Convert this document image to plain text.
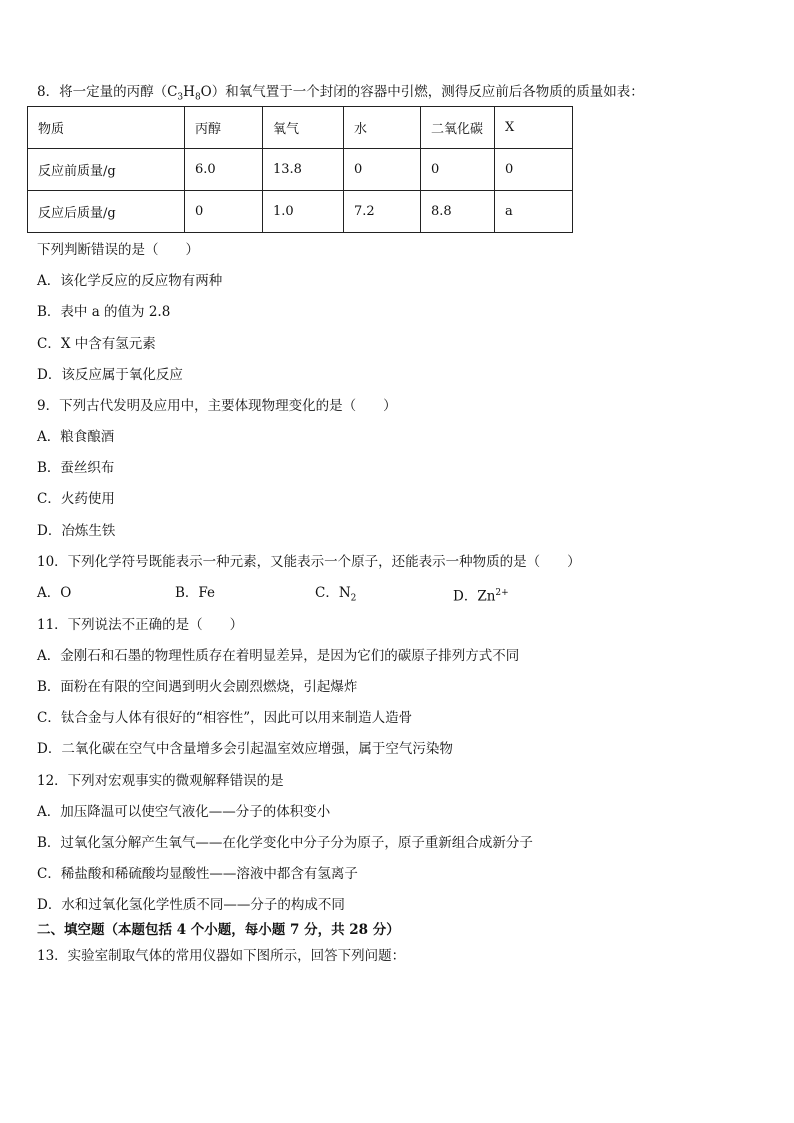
8．将一定量的丙醇$(C_3H_8O)$和氧气置于一个封闭的容器中引燃，测得反应前后各物质的质量如表：
物质	丙醇	氧气	水	二氧化碳	X
反应前质量/g	6.0	13.8	0	0	0
反应后质量/g	0	1.0	7.2	8.8	a
下列判断错误的是（　　）
A．该化学反应的反应物有两种
B．表中 a 的值为 2.8
C．X 中含有氢元素
D．该反应属于氧化反应
9．下列古代发明及应用中，主要体现物理变化的是（　　）
A．粮食酿酒
B．蚕丝织布
C．火药使用
D．冶炼生铁
10．下列化学符号既能表示一种元素，又能表示一个原子，还能表示一种物质的是（　　）
A．O	B．Fe	C．$N_2$	D．$Zn^{2+}$
11．下列说法不正确的是（　　）
A．金刚石和石墨的物理性质存在着明显差异，是因为它们的碳原子排列方式不同
B．面粉在有限的空间遇到明火会剧烈燃烧，引起爆炸
C．钛合金与人体有很好的“相容性”，因此可以用来制造人造骨
D．二氧化碳在空气中含量增多会引起温室效应增强，属于空气污染物
12．下列对宏观事实的微观解释错误的是
A．加压降温可以使空气液化——分子的体积变小
B．过氧化氢分解产生氧气——在化学变化中分子分为原子，原子重新组合成新分子
C．稀盐酸和稀硫酸均显酸性——溶液中都含有氢离子
D．水和过氧化氢化学性质不同——分子的构成不同
二、填空题（本题包括 4 个小题，每小题 7 分，共 28 分）
13．实验室制取气体的常用仪器如下图所示，回答下列问题：
